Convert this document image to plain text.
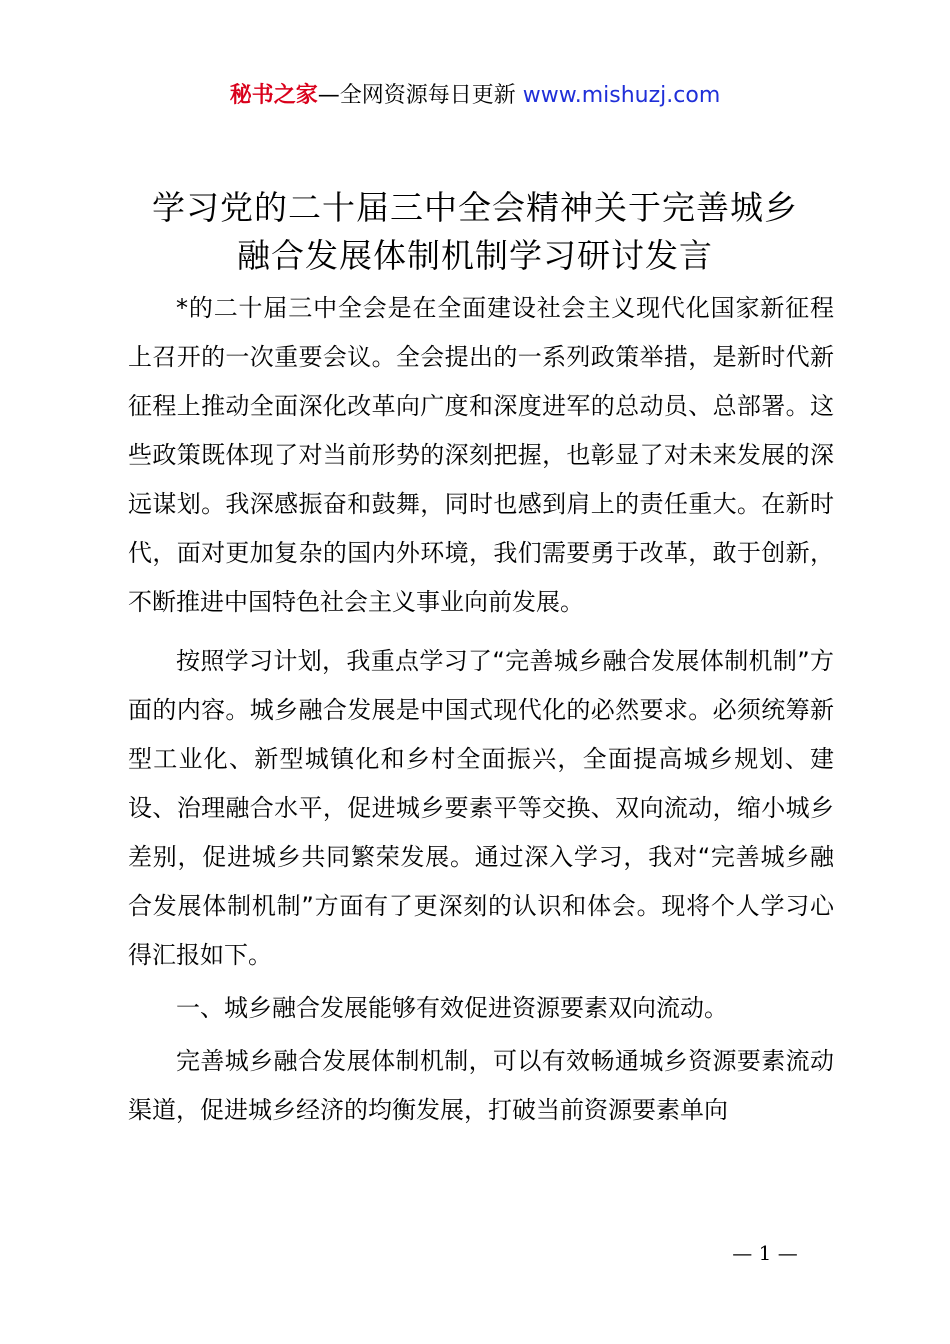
秘书之家—全网资源每日更新 www.mishuzj.com
学习党的二十届三中全会精神关于完善城乡
融合发展体制机制学习研讨发言

*的二十届三中全会是在全面建设社会主义现代化国家新征程上召开的一次重要会议。全会提出的一系列政策举措，是新时代新征程上推动全面深化改革向广度和深度进军的总动员、总部署。这些政策既体现了对当前形势的深刻把握，也彰显了对未来发展的深远谋划。我深感振奋和鼓舞，同时也感到肩上的责任重大。在新时代，面对更加复杂的国内外环境，我们需要勇于改革，敢于创新，不断推进中国特色社会主义事业向前发展。

按照学习计划，我重点学习了“完善城乡融合发展体制机制”方面的内容。城乡融合发展是中国式现代化的必然要求。必须统筹新型工业化、新型城镇化和乡村全面振兴，全面提高城乡规划、建设、治理融合水平，促进城乡要素平等交换、双向流动，缩小城乡差别，促进城乡共同繁荣发展。通过深入学习，我对“完善城乡融合发展体制机制”方面有了更深刻的认识和体会。现将个人学习心得汇报如下。

一、城乡融合发展能够有效促进资源要素双向流动。

完善城乡融合发展体制机制，可以有效畅通城乡资源要素流动渠道，促进城乡经济的均衡发展，打破当前资源要素单向

— 1 —
